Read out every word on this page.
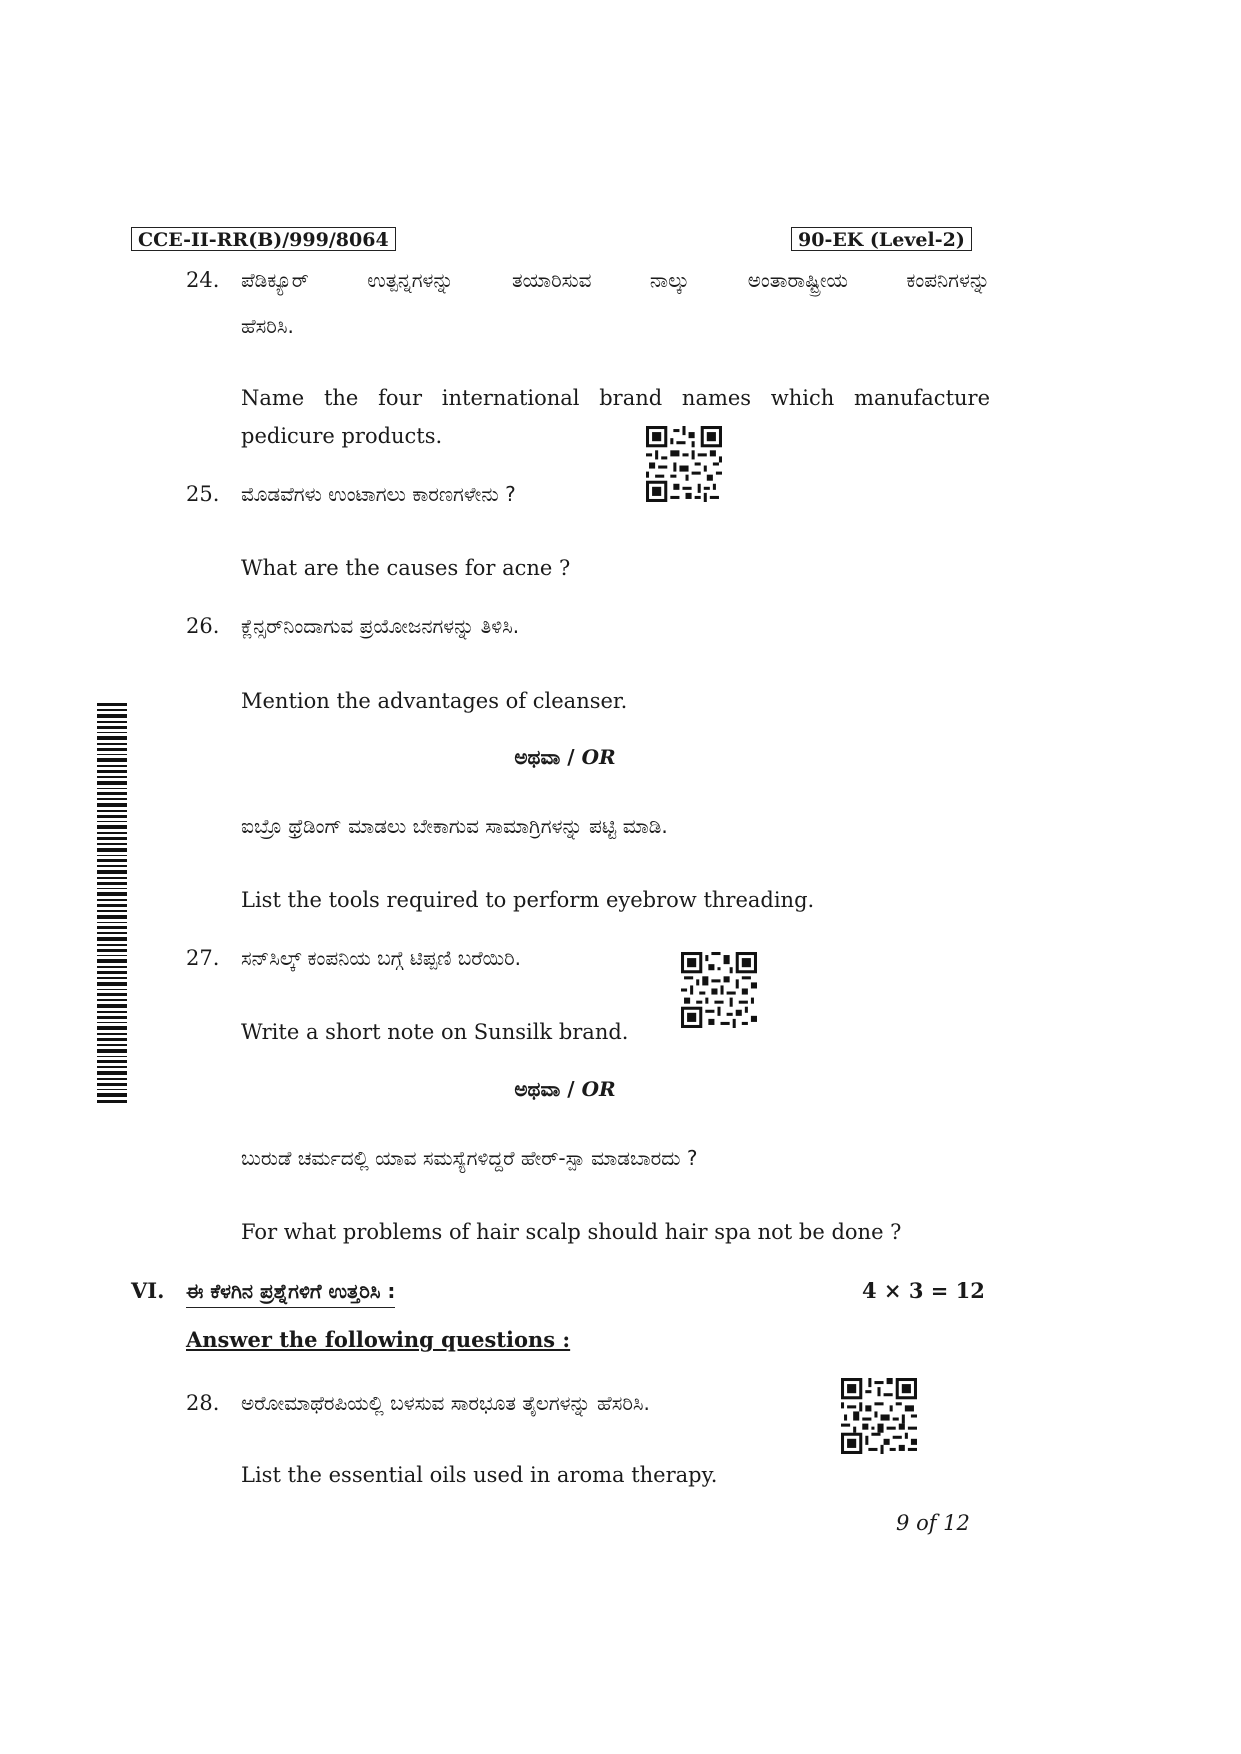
CCE-II-RR(B)/999/8064	90-EK (Level-2)
24. ಪೆಡಿಕ್ಯೂರ್ ಉತ್ಪನ್ನಗಳನ್ನು ತಯಾರಿಸುವ ನಾಲ್ಕು ಅಂತಾರಾಷ್ಟ್ರೀಯ ಕಂಪನಿಗಳನ್ನು
ಹೆಸರಿಸಿ.
Name the four international brand names which manufacture
pedicure products.
25. ಮೊಡವೆಗಳು ಉಂಟಾಗಲು ಕಾರಣಗಳೇನು ?
What are the causes for acne ?
26. ಕ್ಲೆನ್ಸರ್‌ನಿಂದಾಗುವ ಪ್ರಯೋಜನಗಳನ್ನು ತಿಳಿಸಿ.
Mention the advantages of cleanser.
ಅಥವಾ / OR
ಐಬ್ರೊ ಥ್ರೆಡಿಂಗ್ ಮಾಡಲು ಬೇಕಾಗುವ ಸಾಮಾಗ್ರಿಗಳನ್ನು ಪಟ್ಟಿ ಮಾಡಿ.
List the tools required to perform eyebrow threading.
27. ಸನ್‌ಸಿಲ್ಕ್ ಕಂಪನಿಯ ಬಗ್ಗೆ ಟಿಪ್ಪಣಿ ಬರೆಯಿರಿ.
Write a short note on Sunsilk brand.
ಅಥವಾ / OR
ಬುರುಡೆ ಚರ್ಮದಲ್ಲಿ ಯಾವ ಸಮಸ್ಯೆಗಳಿದ್ದರೆ ಹೇರ್-ಸ್ಪಾ ಮಾಡಬಾರದು ?
For what problems of hair scalp should hair spa not be done ?
VI. ಈ ಕೆಳಗಿನ ಪ್ರಶ್ನೆಗಳಿಗೆ ಉತ್ತರಿಸಿ :	4 × 3 = 12
Answer the following questions :
28. ಅರೋಮಾಥೆರಪಿಯಲ್ಲಿ ಬಳಸುವ ಸಾರಭೂತ ತೈಲಗಳನ್ನು ಹೆಸರಿಸಿ.
List the essential oils used in aroma therapy.
9 of 12
